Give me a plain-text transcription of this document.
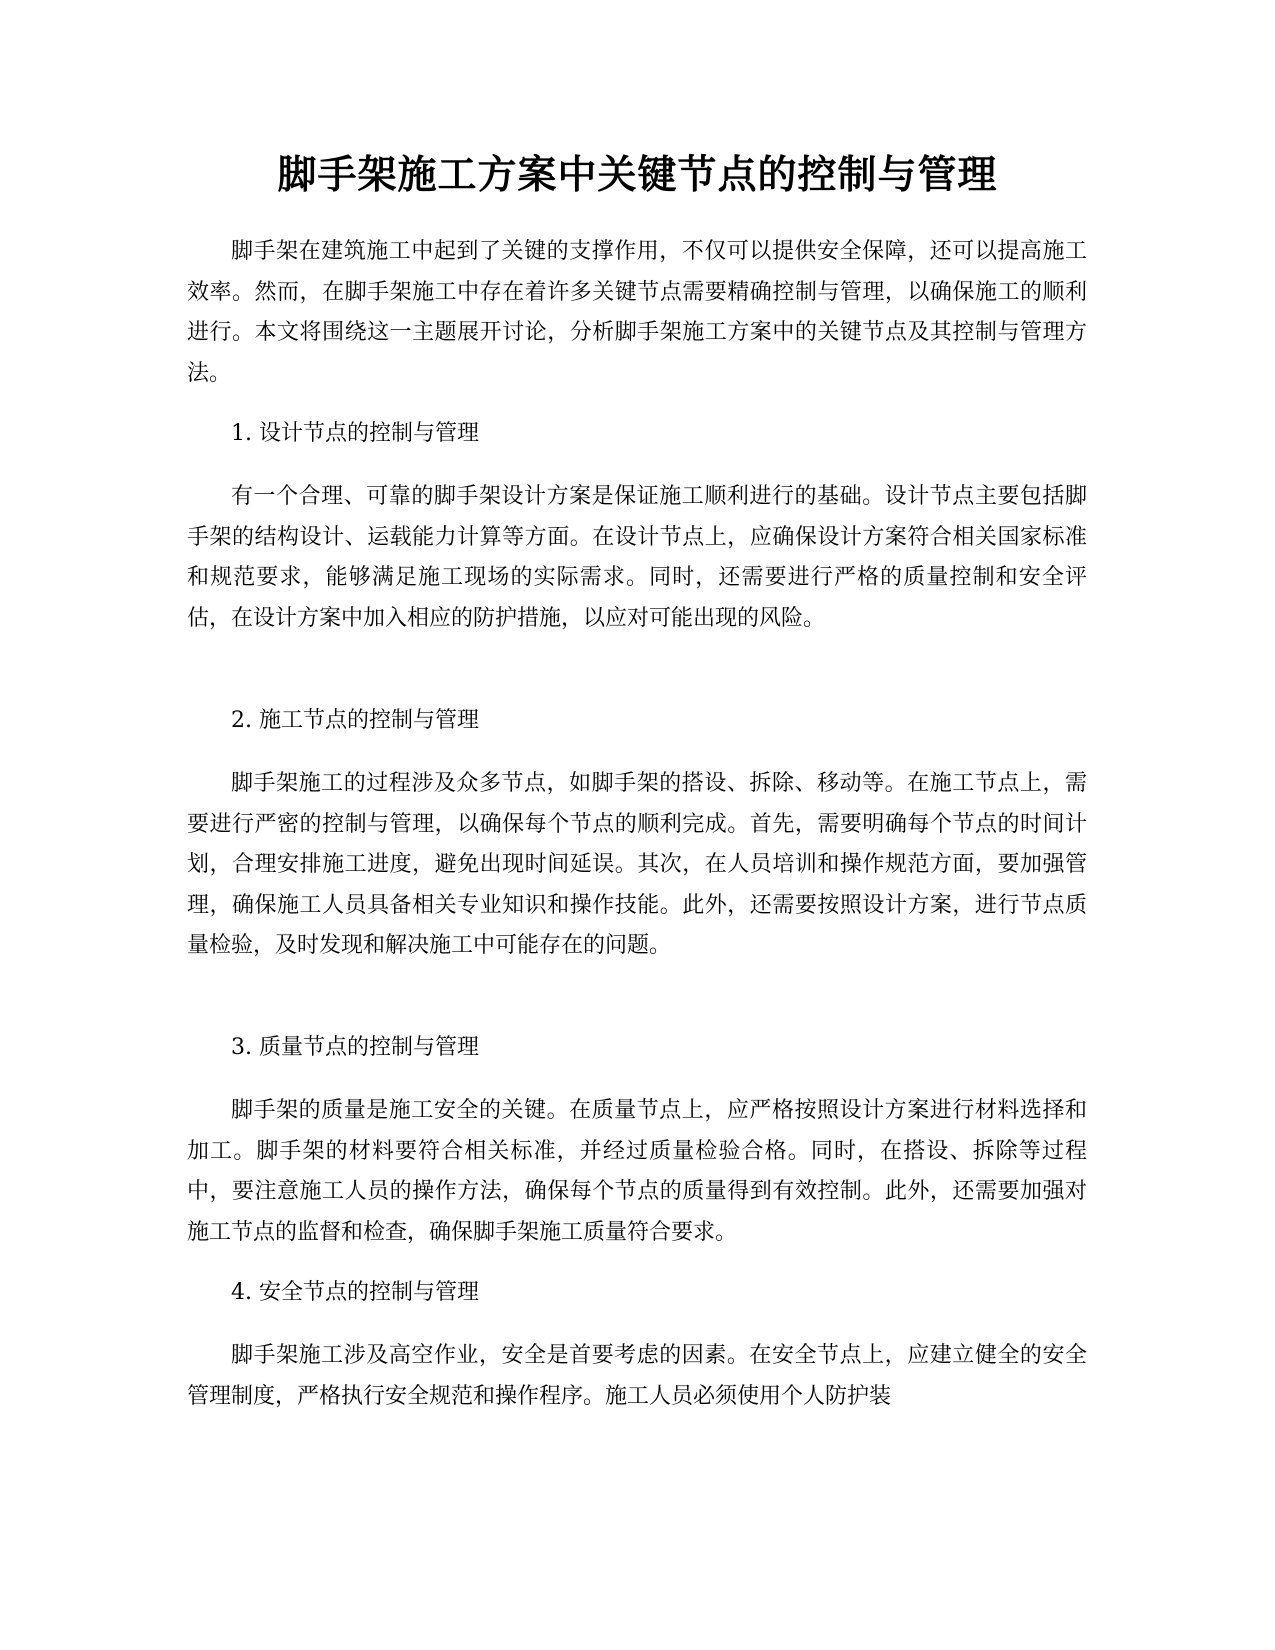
脚手架施工方案中关键节点的控制与管理

脚手架在建筑施工中起到了关键的支撑作用，不仅可以提供安全保障，还可以提高施工效率。然而，在脚手架施工中存在着许多关键节点需要精确控制与管理，以确保施工的顺利进行。本文将围绕这一主题展开讨论，分析脚手架施工方案中的关键节点及其控制与管理方法。

1. 设计节点的控制与管理

有一个合理、可靠的脚手架设计方案是保证施工顺利进行的基础。设计节点主要包括脚手架的结构设计、运载能力计算等方面。在设计节点上，应确保设计方案符合相关国家标准和规范要求，能够满足施工现场的实际需求。同时，还需要进行严格的质量控制和安全评估，在设计方案中加入相应的防护措施，以应对可能出现的风险。

2. 施工节点的控制与管理

脚手架施工的过程涉及众多节点，如脚手架的搭设、拆除、移动等。在施工节点上，需要进行严密的控制与管理，以确保每个节点的顺利完成。首先，需要明确每个节点的时间计划，合理安排施工进度，避免出现时间延误。其次，在人员培训和操作规范方面，要加强管理，确保施工人员具备相关专业知识和操作技能。此外，还需要按照设计方案，进行节点质量检验，及时发现和解决施工中可能存在的问题。

3. 质量节点的控制与管理

脚手架的质量是施工安全的关键。在质量节点上，应严格按照设计方案进行材料选择和加工。脚手架的材料要符合相关标准，并经过质量检验合格。同时，在搭设、拆除等过程中，要注意施工人员的操作方法，确保每个节点的质量得到有效控制。此外，还需要加强对施工节点的监督和检查，确保脚手架施工质量符合要求。

4. 安全节点的控制与管理

脚手架施工涉及高空作业，安全是首要考虑的因素。在安全节点上，应建立健全的安全管理制度，严格执行安全规范和操作程序。施工人员必须使用个人防护装
